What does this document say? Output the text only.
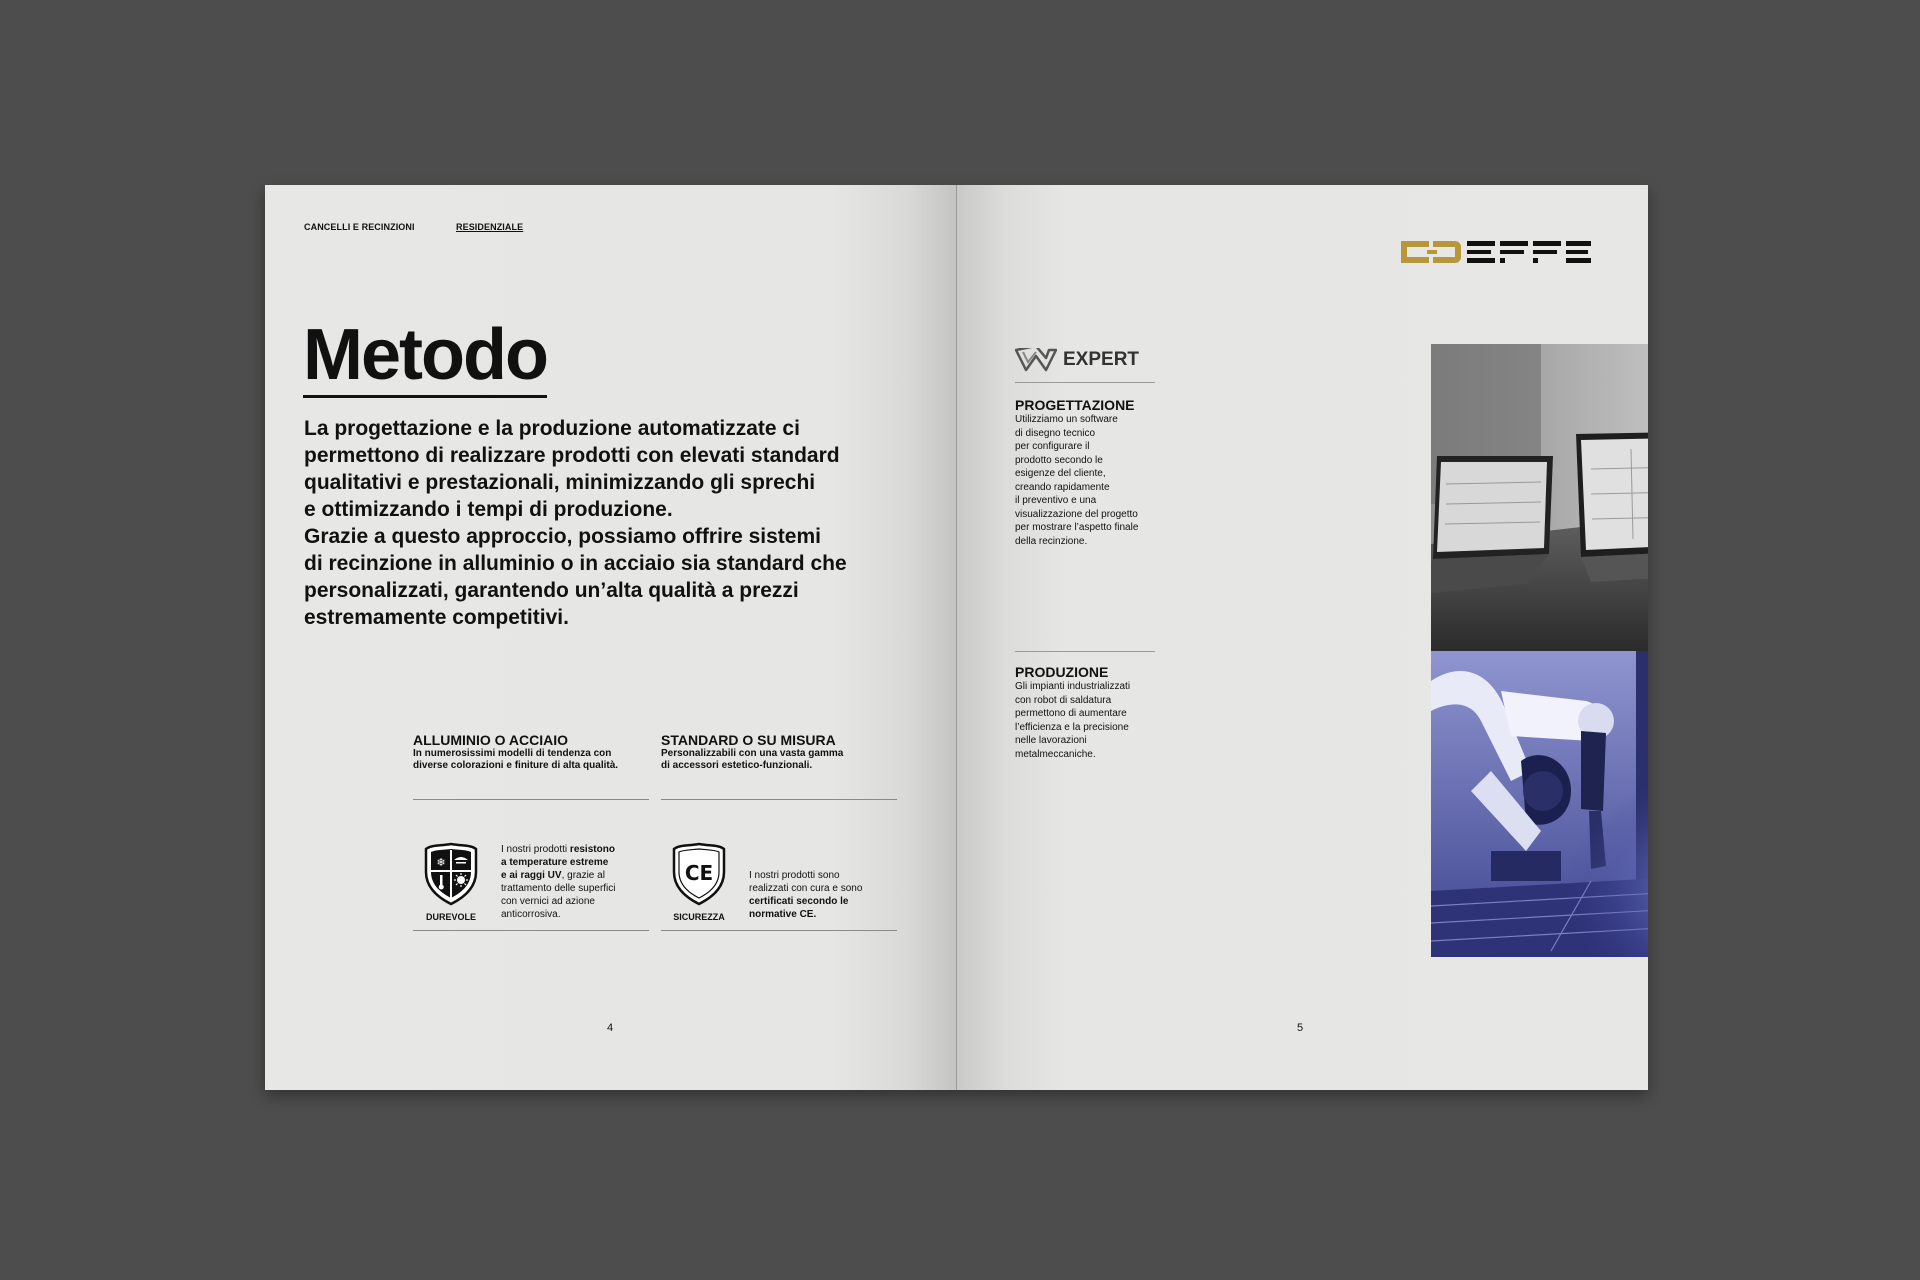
CANCELLI E RECINZIONI	RESIDENZIALE
Metodo
La progettazione e la produzione automatizzate ci
permettono di realizzare prodotti con elevati standard
qualitativi e prestazionali, minimizzando gli sprechi
e ottimizzando i tempi di produzione.
Grazie a questo approccio, possiamo offrire sistemi
di recinzione in alluminio o in acciaio sia standard che
personalizzati, garantendo un’alta qualità a prezzi
estremamente competitivi.
ALLUMINIO O ACCIAIO

In numerosissimi modelli di tendenza con
diverse colorazioni e finiture di alta qualità.

STANDARD O SU MISURA

Personalizzabili con una vasta gamma
di accessori estetico-funzionali.

❄
DUREVOLE
I nostri prodotti resistono
a temperature estreme
e ai raggi UV, grazie al
trattamento delle superfici
con vernici ad azione
anticorrosiva.
CE
SICUREZZA
I nostri prodotti sono
realizzati con cura e sono
certificati secondo le
normative CE.
4
EXPERT
PROGETTAZIONE

Utilizziamo un software
di disegno tecnico
per configurare il
prodotto secondo le
esigenze del cliente,
creando rapidamente
il preventivo e una
visualizzazione del progetto
per mostrare l’aspetto finale
della recinzione.

PRODUZIONE

Gli impianti industrializzati
con robot di saldatura
permettono di aumentare
l’efficienza e la precisione
nelle lavorazioni
metalmeccaniche.

5
